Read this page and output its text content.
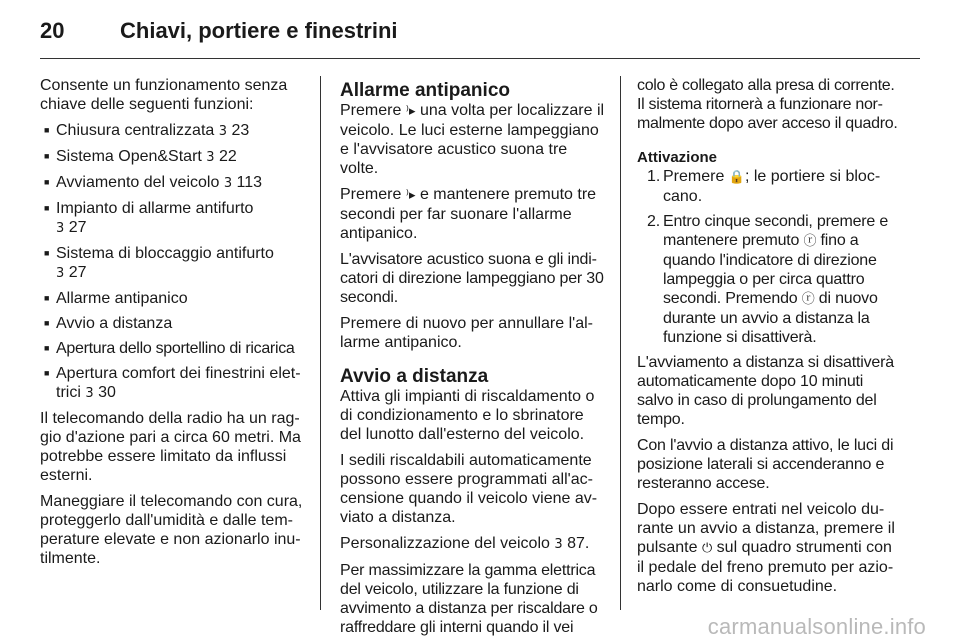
20	Chiavi, portiere e finestrini

Consente un funzionamento senza chiave delle seguenti funzioni:

■ Chiusura centralizzata 3 23
■ Sistema Open&Start 3 22
■ Avviamento del veicolo 3 113
■ Impianto di allarme antifurto
3 27
■ Sistema di bloccaggio antifurto
3 27
■ Allarme antipanico
■ Avvio a distanza
■ Apertura dello sportellino di ricarica
■ Apertura comfort dei finestrini elettrici 3 30

Il telecomando della radio ha un raggio d'azione pari a circa 60 metri. Ma potrebbe essere limitato da influssi esterni.

Maneggiare il telecomando con cura, proteggerlo dall'umidità e dalle temperature elevate e non azionarlo inutilmente.

Allarme antipanico

Premere ⁾▸ una volta per localizzare il veicolo. Le luci esterne lampeggiano e l'avvisatore acustico suona tre volte.

Premere ⁾▸ e mantenere premuto tre secondi per far suonare l'allarme antipanico.

L'avvisatore acustico suona e gli indicatori di direzione lampeggiano per 30 secondi.

Premere di nuovo per annullare l'allarme antipanico.

Avvio a distanza

Attiva gli impianti di riscaldamento o di condizionamento e lo sbrinatore del lunotto dall'esterno del veicolo.

I sedili riscaldabili automaticamente possono essere programmati all'accensione quando il veicolo viene avviato a distanza.

Personalizzazione del veicolo 3 87.

Per massimizzare la gamma elettrica del veicolo, utilizzare la funzione di avvimento a distanza per riscaldare o raffreddare gli interni quando il vei

colo è collegato alla presa di corrente. Il sistema ritornerà a funzionare normalmente dopo aver acceso il quadro.

Attivazione
1. Premere 🔒; le portiere si bloccano.
2. Entro cinque secondi, premere e mantenere premuto ⓡ fino a quando l'indicatore di direzione lampeggia o per circa quattro secondi. Premendo ⓡ di nuovo durante un avvio a distanza la funzione si disattiverà.

L'avviamento a distanza si disattiverà automaticamente dopo 10 minuti salvo in caso di prolungamento del tempo.

Con l'avvio a distanza attivo, le luci di posizione laterali si accenderanno e resteranno accese.

Dopo essere entrati nel veicolo durante un avvio a distanza, premere il pulsante ⏻ sul quadro strumenti con il pedale del freno premuto per azionarlo come di consuetudine.

carmanualsonline.info
